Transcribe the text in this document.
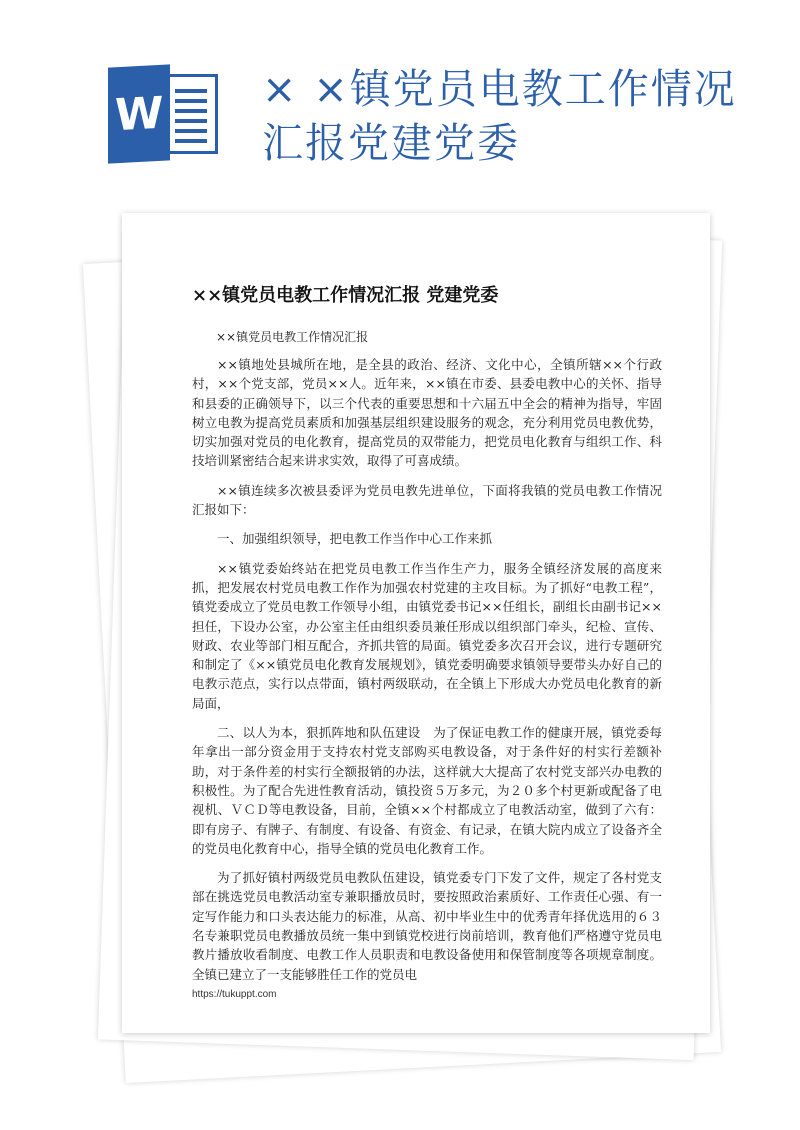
W × ×镇党员电教工作情况汇报党建党委
××镇党员电教工作情况汇报 党建党委
××镇党员电教工作情况汇报

××镇地处县城所在地，是全县的政治、经济、文化中心，全镇所辖××个行政村，××个党支部，党员××人。近年来，××镇在市委、县委电教中心的关怀、指导和县委的正确领导下，以三个代表的重要思想和十六届五中全会的精神为指导，牢固树立电教为提高党员素质和加强基层组织建设服务的观念，充分利用党员电教优势，切实加强对党员的电化教育，提高党员的双带能力，把党员电化教育与组织工作、科技培训紧密结合起来讲求实效，取得了可喜成绩。

××镇连续多次被县委评为党员电教先进单位，下面将我镇的党员电教工作情况汇报如下：

一、加强组织领导，把电教工作当作中心工作来抓

××镇党委始终站在把党员电教工作当作生产力，服务全镇经济发展的高度来抓，把发展农村党员电教工作作为加强农村党建的主攻目标。为了抓好“电教工程”，镇党委成立了党员电教工作领导小组，由镇党委书记××任组长，副组长由副书记××担任，下设办公室，办公室主任由组织委员兼任形成以组织部门牵头，纪检、宣传、财政、农业等部门相互配合，齐抓共管的局面。镇党委多次召开会议，进行专题研究和制定了《××镇党员电化教育发展规划》，镇党委明确要求镇领导要带头办好自己的电教示范点，实行以点带面，镇村两级联动，在全镇上下形成大办党员电化教育的新局面，

二、以人为本，狠抓阵地和队伍建设　为了保证电教工作的健康开展，镇党委每年拿出一部分资金用于支持农村党支部购买电教设备，对于条件好的村实行差额补助，对于条件差的村实行全额报销的办法，这样就大大提高了农村党支部兴办电教的积极性。为了配合先进性教育活动，镇投资５万多元，为２０多个村更新或配备了电视机、ＶＣＤ等电教设备，目前，全镇××个村都成立了电教活动室，做到了六有：即有房子、有牌子、有制度、有设备、有资金、有记录，在镇大院内成立了设备齐全的党员电化教育中心，指导全镇的党员电化教育工作。

为了抓好镇村两级党员电教队伍建设，镇党委专门下发了文件，规定了各村党支部在挑选党员电教活动室专兼职播放员时，要按照政治素质好、工作责任心强、有一定写作能力和口头表达能力的标准，从高、初中毕业生中的优秀青年择优选用的６３名专兼职党员电教播放员统一集中到镇党校进行岗前培训，教育他们严格遵守党员电教片播放收看制度、电教工作人员职责和电教设备使用和保管制度等各项规章制度。全镇已建立了一支能够胜任工作的党员电

https://tukuppt.com
